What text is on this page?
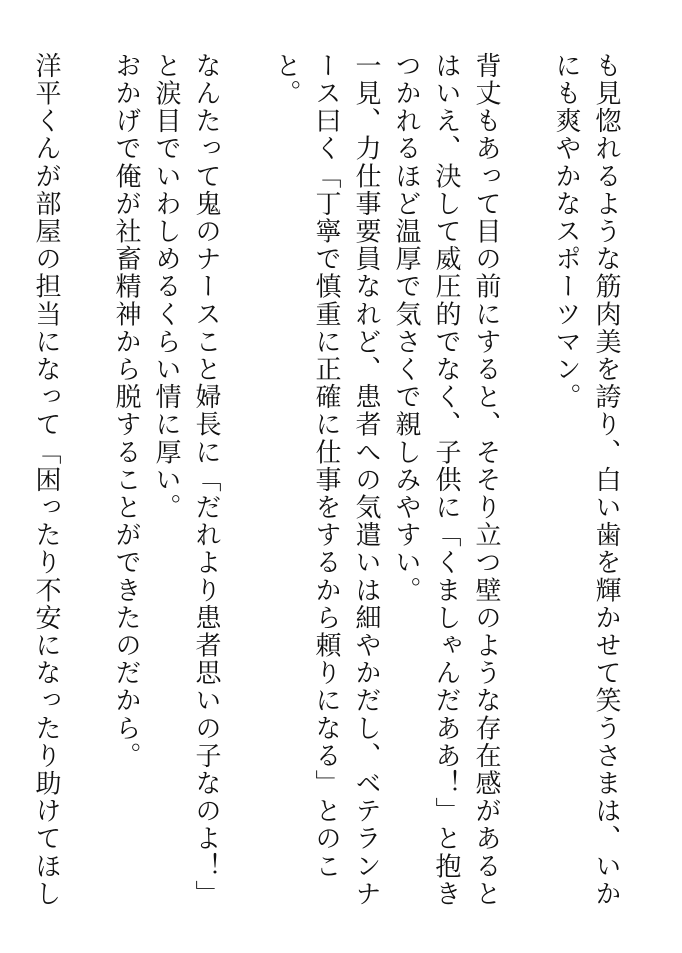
も見惚れるような筋肉美を誇り、白い歯を輝かせて笑うさまは、いか
にも爽やかなスポーツマン。

背丈もあって目の前にすると、そそり立つ壁のような存在感があると
はいえ、決して威圧的でなく、子供に「くましゃんだああ！」と抱き
つかれるほど温厚で気さくで親しみやすい。
一見、力仕事要員なれど、患者への気遣いは細やかだし、ベテランナ
ース曰く「丁寧で慎重に正確に仕事をするから頼りになる」とのこと。

なんたって鬼のナースこと婦長に「だれより患者思いの子なのよ！」
と涙目でいわしめるくらい情に厚い。
おかげで俺が社畜精神から脱することができたのだから。

洋平くんが部屋の担当になって「困ったり不安になったり助けてほし
